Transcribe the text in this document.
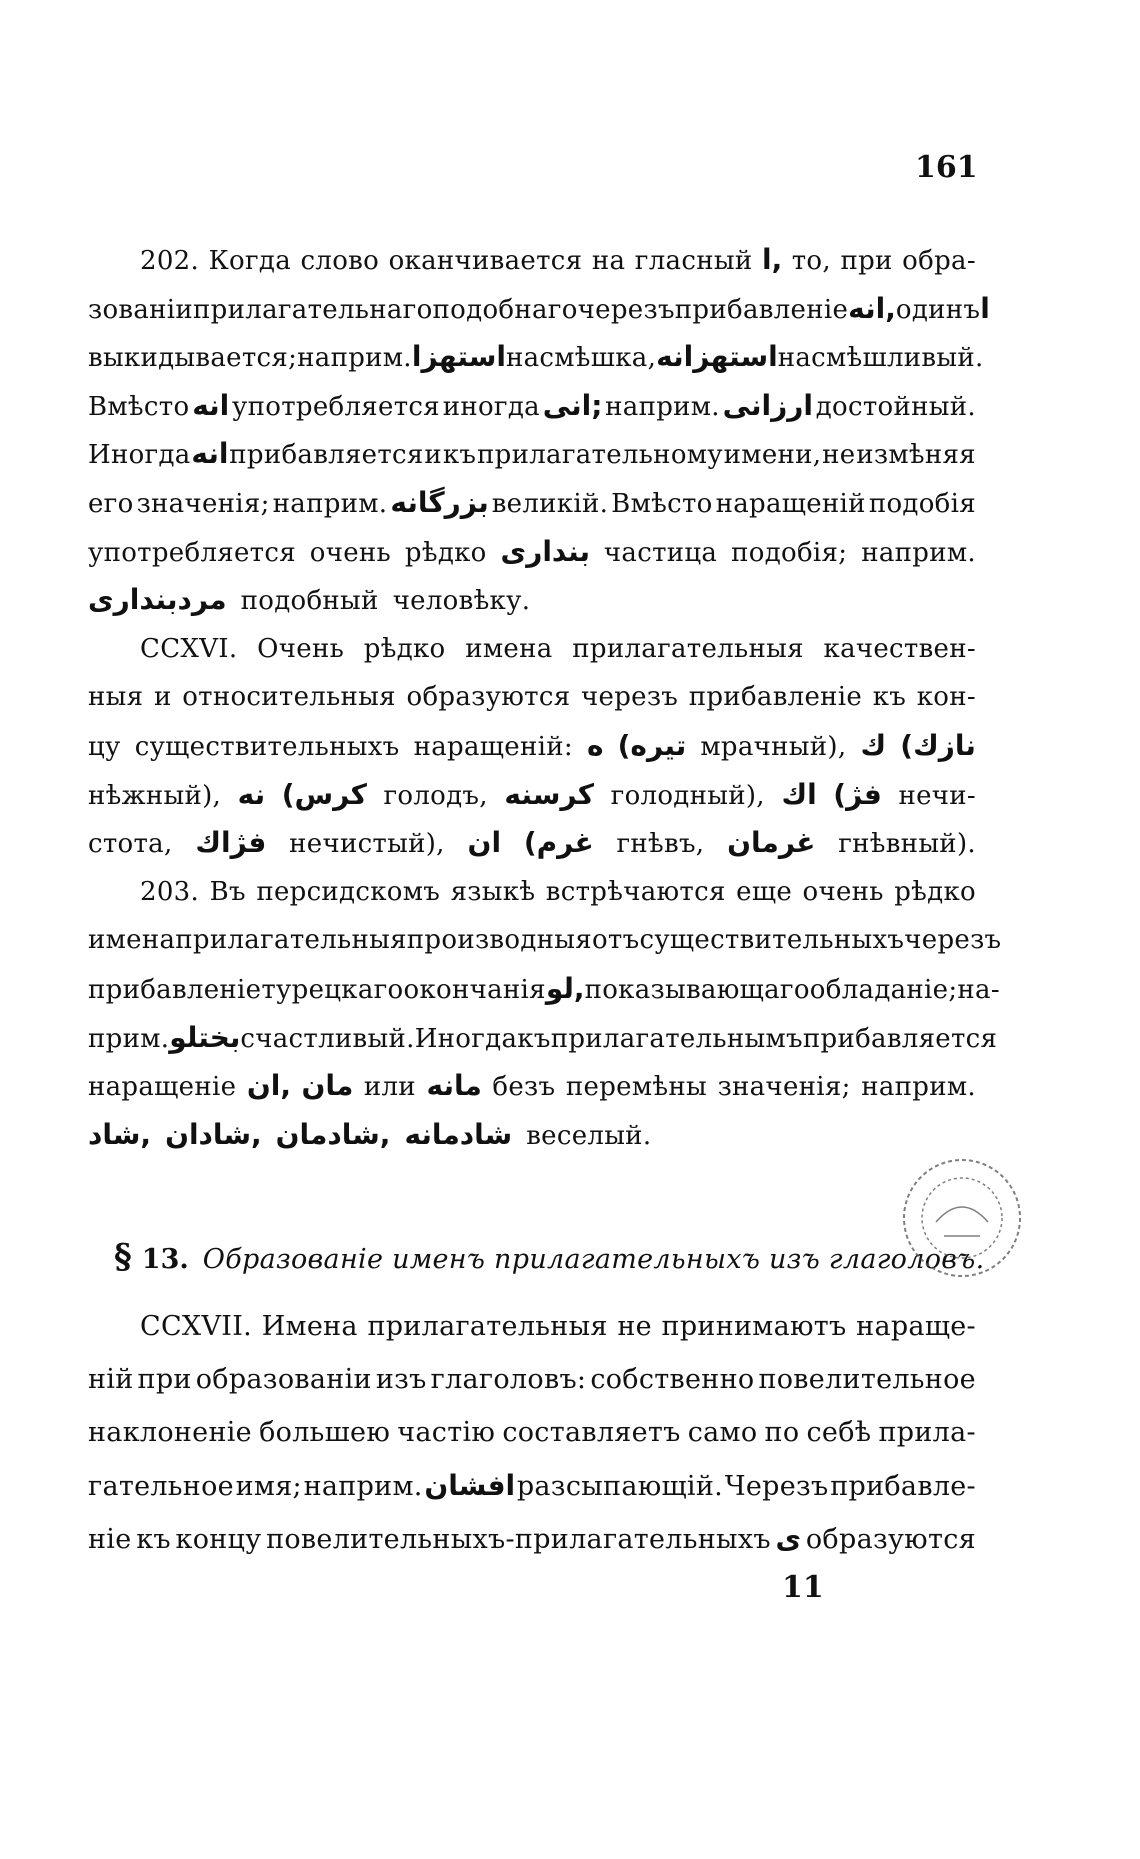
161
202. Когда слово оканчивается на гласный ا, то, при обра-
зованіи прилагательнаго подобнаго черезъ прибавленіе انه, одинъ ا
выкидывается; наприм. استهزا насмѣшка, استهزانه насмѣшливый.
Вмѣсто انه употребляется иногда انی; наприм. ارزانی достойный.
Иногда انه прибавляется и къ прилагательному имени, не измѣняя
его значенія; наприм. بزرگانه великій. Вмѣсто наращеній подобія
употребляется очень рѣдко بنداری частица подобія; наприм.
مردبنداری подобный человѣку.
CCXVI. Очень рѣдко имена прилагательныя качествен-
ныя и относительныя образуются черезъ прибавленіе къ кон-
цу существительныхъ наращеній: ه (تیره мрачный), ك (نازك
нѣжный), نه (کرس голодъ, کرسنه голодный), اك (فژ нечи-
стота, فژاك нечистый), ان (غرم гнѣвъ, غرمان гнѣвный).
203. Въ персидскомъ языкѣ встрѣчаются еще очень рѣдко
имена прилагательныя производныя отъ существительныхъ черезъ
прибавленіе турецкаго окончанія لو, показывающаго обладаніе; на-
прим. بختلو счастливый. Иногда къ прилагательнымъ прибавляется
наращеніе ان, مان или مانه безъ перемѣны значенія; наприм.
شاد, شادان, شادمان, شادمانه веселый.
§ 13. Образованіе именъ прилагательныхъ изъ глаголовъ.
CCXVII. Имена прилагательныя не принимаютъ наращe-
ній при образованіи изъ глаголовъ: собственно повелительное
наклоненіе большею частію составляетъ само по себѣ прила-
гательное имя; наприм. افشان разсыпающій. Черезъ прибавле-
ніе къ концу повелительныхъ-прилагательныхъ ی образуются
11
